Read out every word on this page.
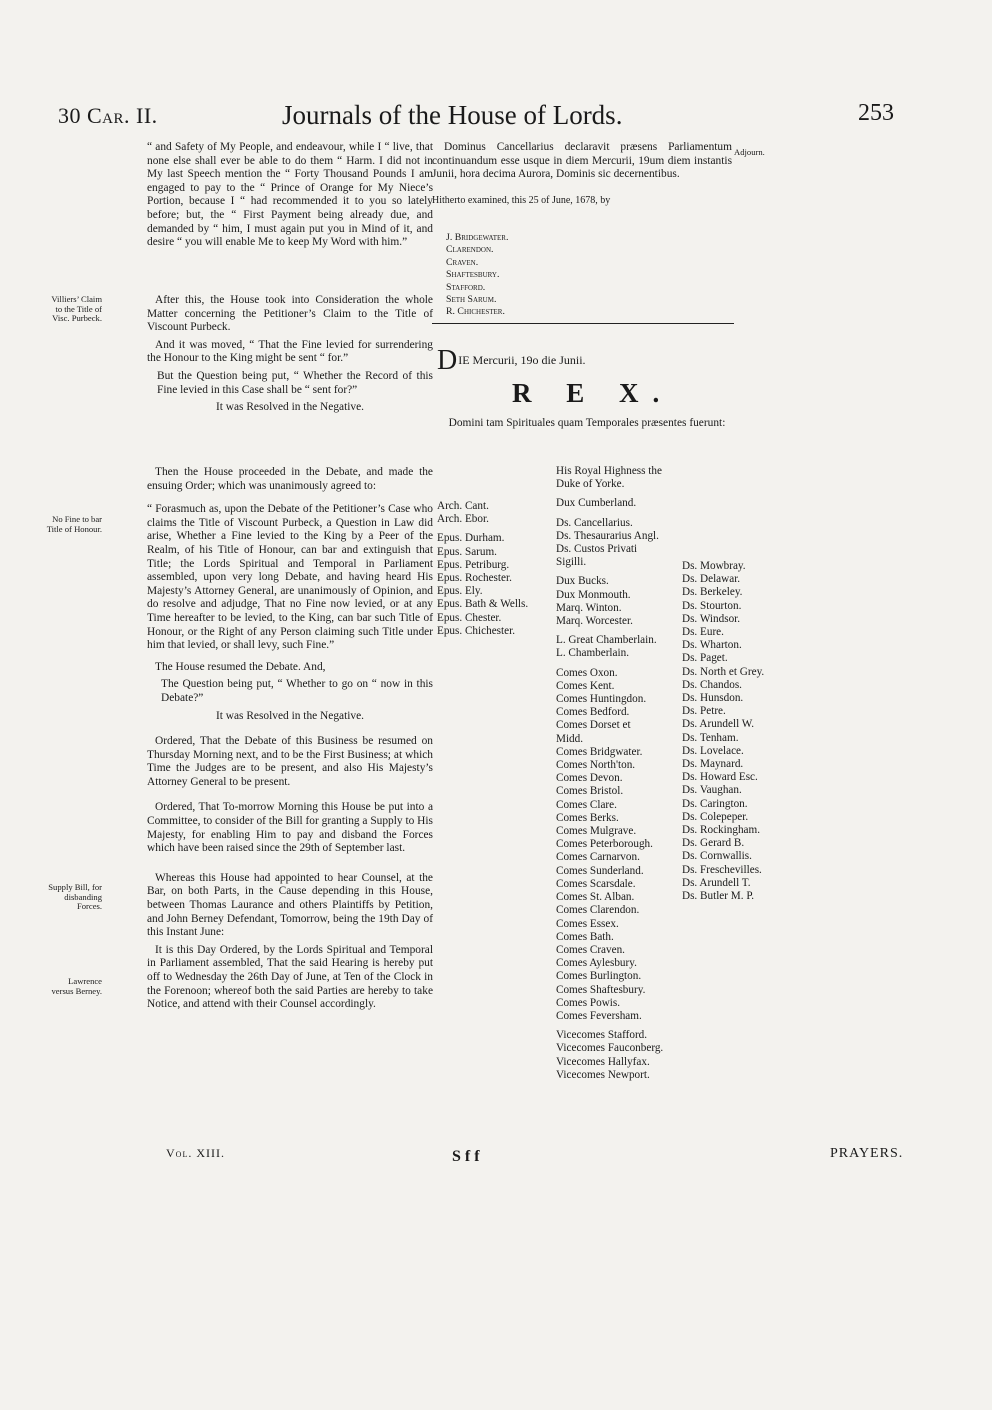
30 Car. II.	Journals of the House of Lords.	253
Villiers’ Claim to the Title of Visc. Purbeck.
No Fine to bar Title of Honour.
Supply Bill, for disbanding Forces.
Lawrence versus Berney.
Adjourn.

“ and Safety of My People, and endeavour, while I “ live, that none else shall ever be able to do them “ Harm. I did not in My last Speech mention the “ Forty Thousand Pounds I am engaged to pay to the “ Prince of Orange for My Niece’s Portion, because I “ had recommended it to you so lately before; but, the “ First Payment being already due, and demanded by “ him, I must again put you in Mind of it, and desire “ you will enable Me to keep My Word with him.”

After this, the House took into Consideration the whole Matter concerning the Petitioner’s Claim to the Title of Viscount Purbeck.

And it was moved, “ That the Fine levied for surrendering the Honour to the King might be sent “ for.”

But the Question being put, “ Whether the Record of this Fine levied in this Case shall be “ sent for?”

It was Resolved in the Negative.

Then the House proceeded in the Debate, and made the ensuing Order; which was unanimously agreed to:

“ Forasmuch as, upon the Debate of the Petitioner’s Case who claims the Title of Viscount Purbeck, a Question in Law did arise, Whether a Fine levied to the King by a Peer of the Realm, of his Title of Honour, can bar and extinguish that Title; the Lords Spiritual and Temporal in Parliament assembled, upon very long Debate, and having heard His Majesty’s Attorney General, are unanimously of Opinion, and do resolve and adjudge, That no Fine now levied, or at any Time hereafter to be levied, to the King, can bar such Title of Honour, or the Right of any Person claiming such Title under him that levied, or shall levy, such Fine.”

The House resumed the Debate. And,

The Question being put, “ Whether to go on “ now in this Debate?”

It was Resolved in the Negative.

Ordered, That the Debate of this Business be resumed on Thursday Morning next, and to be the First Business; at which Time the Judges are to be present, and also His Majesty’s Attorney General to be present.

Ordered, That To-morrow Morning this House be put into a Committee, to consider of the Bill for granting a Supply to His Majesty, for enabling Him to pay and disband the Forces which have been raised since the 29th of September last.

Whereas this House had appointed to hear Counsel, at the Bar, on both Parts, in the Cause depending in this House, between Thomas Laurance and others Plaintiffs by Petition, and John Berney Defendant, Tomorrow, being the 19th Day of this Instant June:

It is this Day Ordered, by the Lords Spiritual and Temporal in Parliament assembled, That the said Hearing is hereby put off to Wednesday the 26th Day of June, at Ten of the Clock in the Forenoon; whereof both the said Parties are hereby to take Notice, and attend with their Counsel accordingly.

Dominus Cancellarius declaravit præsens Parliamentum continuandum esse usque in diem Mercurii, 19um diem instantis Junii, hora decima Aurora, Dominis sic decernentibus.

Hitherto examined, this 25 of June, 1678, by

J. Bridgewater.
Clarendon.
Craven.
Shaftesbury.
Stafford.
Seth Sarum.
R. Chichester.
DIE Mercurii, 19o die Junii.
R E X.
Domini tam Spirituales quam Temporales præsentes fuerunt:
Arch. Cant.
Arch. Ebor.
Epus. Durham.
Epus. Sarum.
Epus. Petriburg.
Epus. Rochester.
Epus. Ely.
Epus. Bath & Wells.
Epus. Chester.
Epus. Chichester.
His Royal Highness the Duke of Yorke.
Dux Cumberland.
Ds. Cancellarius.
Ds. Thesaurarius Angl.
Ds. Custos Privati Sigilli.
Dux Bucks.
Dux Monmouth.
Marq. Winton.
Marq. Worcester.
L. Great Chamberlain.
L. Chamberlain.
Comes Oxon.
Comes Kent.
Comes Huntingdon.
Comes Bedford.
Comes Dorset et Midd.
Comes Bridgwater.
Comes North'ton.
Comes Devon.
Comes Bristol.
Comes Clare.
Comes Berks.
Comes Mulgrave.
Comes Peterborough.
Comes Carnarvon.
Comes Sunderland.
Comes Scarsdale.
Comes St. Alban.
Comes Clarendon.
Comes Essex.
Comes Bath.
Comes Craven.
Comes Aylesbury.
Comes Burlington.
Comes Shaftesbury.
Comes Powis.
Comes Feversham.
Vicecomes Stafford.
Vicecomes Fauconberg.
Vicecomes Hallyfax.
Vicecomes Newport.
Ds. Mowbray.
Ds. Delawar.
Ds. Berkeley.
Ds. Stourton.
Ds. Windsor.
Ds. Eure.
Ds. Wharton.
Ds. Paget.
Ds. North et Grey.
Ds. Chandos.
Ds. Hunsdon.
Ds. Petre.
Ds. Arundell W.
Ds. Tenham.
Ds. Lovelace.
Ds. Maynard.
Ds. Howard Esc.
Ds. Vaughan.
Ds. Carington.
Ds. Colepeper.
Ds. Rockingham.
Ds. Gerard B.
Ds. Cornwallis.
Ds. Freschevilles.
Ds. Arundell T.
Ds. Butler M. P.
Vol. XIII.	S f f	PRAYERS.
